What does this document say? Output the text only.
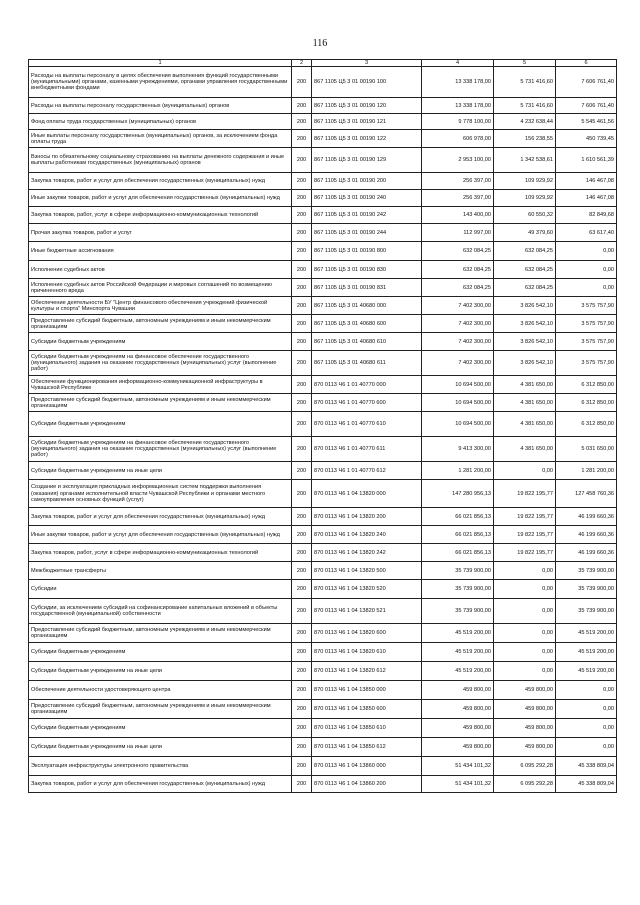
116
1	2	3	4	5	6
Расходы на выплаты персоналу в целях обеспечения выполнения функций государственными (муниципальными) органами, казенными учреждениями, органами управления государственными внебюджетными фондами	200	867 1105 Ц5 3 01 00190 100	13 338 178,00	5 731 416,60	7 606 761,40
Расходы на выплаты персоналу государственных (муниципальных) органов	200	867 1105 Ц5 3 01 00190 120	13 338 178,00	5 731 416,60	7 606 761,40
Фонд оплаты труда государственных (муниципальных) органов	200	867 1105 Ц5 3 01 00190 121	9 778 100,00	4 232 638,44	5 545 461,56
Иные выплаты персоналу государственных (муниципальных) органов, за исключением фонда оплаты труда	200	867 1105 Ц5 3 01 00190 122	606 978,00	156 238,55	450 739,45
Взносы по обязательному социальному страхованию на выплаты денежного содержания и иные выплаты работникам государственных (муниципальных) органов	200	867 1105 Ц5 3 01 00190 129	2 953 100,00	1 342 538,61	1 610 561,39
Закупка товаров, работ и услуг для обеспечения государственных (муниципальных) нужд	200	867 1105 Ц5 3 01 00190 200	256 397,00	109 929,92	146 467,08
Иные закупки товаров, работ и услуг для обеспечения государственных (муниципальных) нужд	200	867 1105 Ц5 3 01 00190 240	256 397,00	109 929,92	146 467,08
Закупка товаров, работ, услуг в сфере информационно-коммуникационных технологий	200	867 1105 Ц5 3 01 00190 242	143 400,00	60 550,32	82 849,68
Прочая закупка товаров, работ и услуг	200	867 1105 Ц5 3 01 00190 244	112 997,00	49 379,60	63 617,40
Иные бюджетные ассигнования	200	867 1105 Ц5 3 01 00190 800	632 084,25	632 084,25	0,00
Исполнение судебных актов	200	867 1105 Ц5 3 01 00190 830	632 084,25	632 084,25	0,00
Исполнение судебных актов Российской Федерации и мировых соглашений по возмещению причиненного вреда	200	867 1105 Ц5 3 01 00190 831	632 084,25	632 084,25	0,00
Обеспечение деятельности БУ "Центр финансового обеспечения учреждений физической культуры и спорта" Минспорта Чувашии	200	867 1105 Ц5 3 01 40680 000	7 402 300,00	3 826 542,10	3 575 757,90
Предоставление субсидий бюджетным, автономным учреждениям и иным некоммерческим организациям	200	867 1105 Ц5 3 01 40680 600	7 402 300,00	3 826 542,10	3 575 757,90
Субсидии бюджетным учреждениям	200	867 1105 Ц5 3 01 40680 610	7 402 300,00	3 826 542,10	3 575 757,90
Субсидии бюджетным учреждениям на финансовое обеспечение государственного (муниципального) задания на оказание государственных (муниципальных) услуг (выполнение работ)	200	867 1105 Ц5 3 01 40680 611	7 402 300,00	3 826 542,10	3 575 757,90
Обеспечение функционирования информационно-коммуникационной инфраструктуры в Чувашской Республике	200	870 0113 Ч6 1 01 40770 000	10 694 500,00	4 381 650,00	6 312 850,00
Предоставление субсидий бюджетным, автономным учреждениям и иным некоммерческим организациям	200	870 0113 Ч6 1 01 40770 600	10 694 500,00	4 381 650,00	6 312 850,00
Субсидии бюджетным учреждениям	200	870 0113 Ч6 1 01 40770 610	10 694 500,00	4 381 650,00	6 312 850,00
Субсидии бюджетным учреждениям на финансовое обеспечение государственного (муниципального) задания на оказание государственных (муниципальных) услуг (выполнение работ)	200	870 0113 Ч6 1 01 40770 611	9 413 300,00	4 381 650,00	5 031 650,00
Субсидии бюджетным учреждениям на иные цели	200	870 0113 Ч6 1 01 40770 612	1 281 200,00	0,00	1 281 200,00
Создание и эксплуатация прикладных информационных систем поддержки выполнения (оказания) органами исполнительной власти Чувашской Республики и органами местного самоуправления основных функций (услуг)	200	870 0113 Ч6 1 04 13820 000	147 280 956,13	19 822 195,77	127 458 760,36
Закупка товаров, работ и услуг для обеспечения государственных (муниципальных) нужд	200	870 0113 Ч6 1 04 13820 200	66 021 856,13	19 822 195,77	46 199 660,36
Иные закупки товаров, работ и услуг для обеспечения государственных (муниципальных) нужд	200	870 0113 Ч6 1 04 13820 240	66 021 856,13	19 822 195,77	46 199 660,36
Закупка товаров, работ, услуг в сфере информационно-коммуникационных технологий	200	870 0113 Ч6 1 04 13820 242	66 021 856,13	19 822 195,77	46 199 660,36
Межбюджетные трансферты	200	870 0113 Ч6 1 04 13820 500	35 739 900,00	0,00	35 739 900,00
Субсидии	200	870 0113 Ч6 1 04 13820 520	35 739 900,00	0,00	35 739 900,00
Субсидии, за исключением субсидий на софинансирование капитальных вложений в объекты государственной (муниципальной) собственности	200	870 0113 Ч6 1 04 13820 521	35 739 900,00	0,00	35 739 900,00
Предоставление субсидий бюджетным, автономным учреждениям и иным некоммерческим организациям	200	870 0113 Ч6 1 04 13820 600	45 519 200,00	0,00	45 519 200,00
Субсидии бюджетным учреждениям	200	870 0113 Ч6 1 04 13820 610	45 519 200,00	0,00	45 519 200,00
Субсидии бюджетным учреждениям на иные цели	200	870 0113 Ч6 1 04 13820 612	45 519 200,00	0,00	45 519 200,00
Обеспечение деятельности удостоверяющего центра	200	870 0113 Ч6 1 04 13850 000	459 800,00	459 800,00	0,00
Предоставление субсидий бюджетным, автономным учреждениям и иным некоммерческим организациям	200	870 0113 Ч6 1 04 13850 600	459 800,00	459 800,00	0,00
Субсидии бюджетным учреждениям	200	870 0113 Ч6 1 04 13850 610	459 800,00	459 800,00	0,00
Субсидии бюджетным учреждениям на иные цели	200	870 0113 Ч6 1 04 13850 612	459 800,00	459 800,00	0,00
Эксплуатация инфраструктуры электронного правительства	200	870 0113 Ч6 1 04 13860 000	51 434 101,32	6 095 292,28	45 338 809,04
Закупка товаров, работ и услуг для обеспечения государственных (муниципальных) нужд	200	870 0113 Ч6 1 04 13860 200	51 434 101,32	6 095 292,28	45 338 809,04
